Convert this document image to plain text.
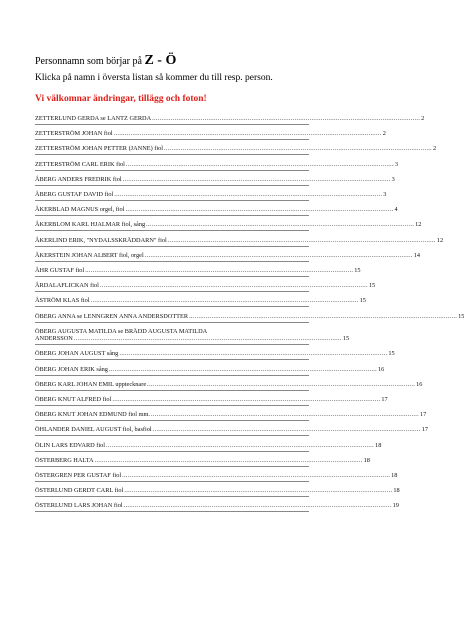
Personnamn som börjar på Z - Ö
Klicka på namn i översta listan så kommer du till resp. person.
Vi välkomnar ändringar, tillägg och foton!
ZETTERLUND GERDA se LANTZ GERDA ............................................................................................................................................... 2
ZETTERSTRÖM JOHAN fiol ............................................................................................................................................... 2
ZETTERSTRÖM JOHAN PETTER (JANNE) fiol ............................................................................................................................................... 2
ZETTERSTRÖM CARL ERIK fiol ............................................................................................................................................... 3
ÅBERG ANDERS FREDRIK fiol ............................................................................................................................................... 3
ÅBERG GUSTAF DAVID fiol ............................................................................................................................................... 3
ÅKERBLAD MAGNUS orgel, fiol ............................................................................................................................................... 4
ÅKERBLOM KARL HJALMAR fiol, sång ............................................................................................................................................... 12
ÅKERLIND ERIK, "NYDALSSKRÄDDARN" fiol ............................................................................................................................................... 12
ÅKERSTEIN JOHAN ALBERT fiol, orgel ............................................................................................................................................... 14
ÅHR GUSTAF fiol ............................................................................................................................................... 15
ÅRDALAFLICKAN fiol ............................................................................................................................................... 15
ÅSTRÖM KLAS fiol ............................................................................................................................................... 15
ÖBERG ANNA se LENNGREN ANNA ANDERSDOTTER ............................................................................................................................................... 15
ÖBERG AUGUSTA MATILDA se BRÄDD AUGUSTA MATILDA
ANDERSSON ............................................................................................................................................... 15
ÖBERG JOHAN AUGUST sång ............................................................................................................................................... 15
ÖBERG JOHAN ERIK sång ............................................................................................................................................... 16
ÖBERG KARL JOHAN EMIL upptecknare ............................................................................................................................................... 16
ÖBERG KNUT ALFRED fiol ............................................................................................................................................... 17
ÖBERG KNUT JOHAN EDMUND fiol mm. ............................................................................................................................................... 17
ÖHLANDER DANIEL AUGUST fiol, basfiol ............................................................................................................................................... 17
ÖLIN LARS EDVARD fiol ............................................................................................................................................... 18
ÖSTERBERG HALTA ............................................................................................................................................... 18
ÖSTERGREN PER GUSTAF fiol ............................................................................................................................................... 18
ÖSTERLUND GERDT CARL fiol ............................................................................................................................................... 18
ÖSTERLUND LARS JOHAN fiol ............................................................................................................................................... 19
